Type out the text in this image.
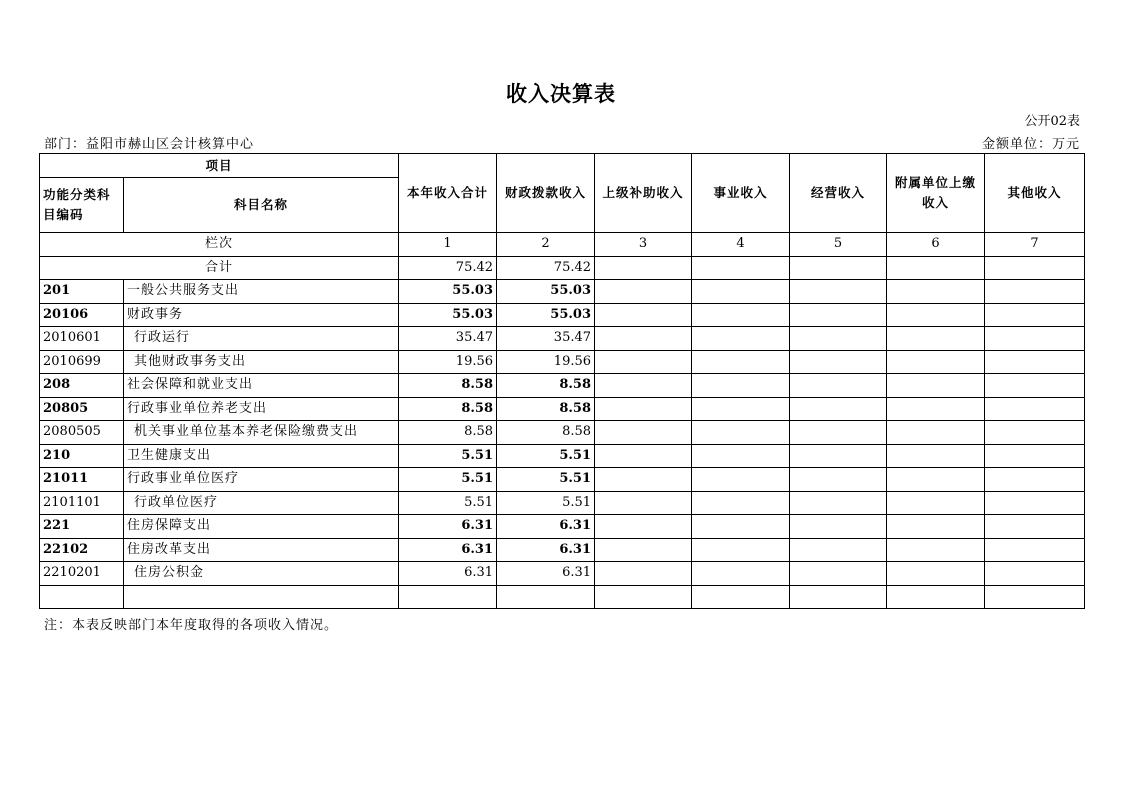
收入决算表
公开02表
部门：益阳市赫山区会计核算中心	金额单位：万元
项目		本年收入合计	财政拨款收入	上级补助收入	事业收入	经营收入	附属单位上缴收入	其他收入
功能分类科目编码	科目名称							
栏次		1	2	3	4	5	6	7
合计		75.42	75.42					
201	一般公共服务支出	55.03	55.03					
20106	财政事务	55.03	55.03					
2010601	行政运行	35.47	35.47					
2010699	其他财政事务支出	19.56	19.56					
208	社会保障和就业支出	8.58	8.58					
20805	行政事业单位养老支出	8.58	8.58					
2080505	机关事业单位基本养老保险缴费支出	8.58	8.58					
210	卫生健康支出	5.51	5.51					
21011	行政事业单位医疗	5.51	5.51					
2101101	行政单位医疗	5.51	5.51					
221	住房保障支出	6.31	6.31					
22102	住房改革支出	6.31	6.31					
2210201	住房公积金	6.31	6.31					

注：本表反映部门本年度取得的各项收入情况。
